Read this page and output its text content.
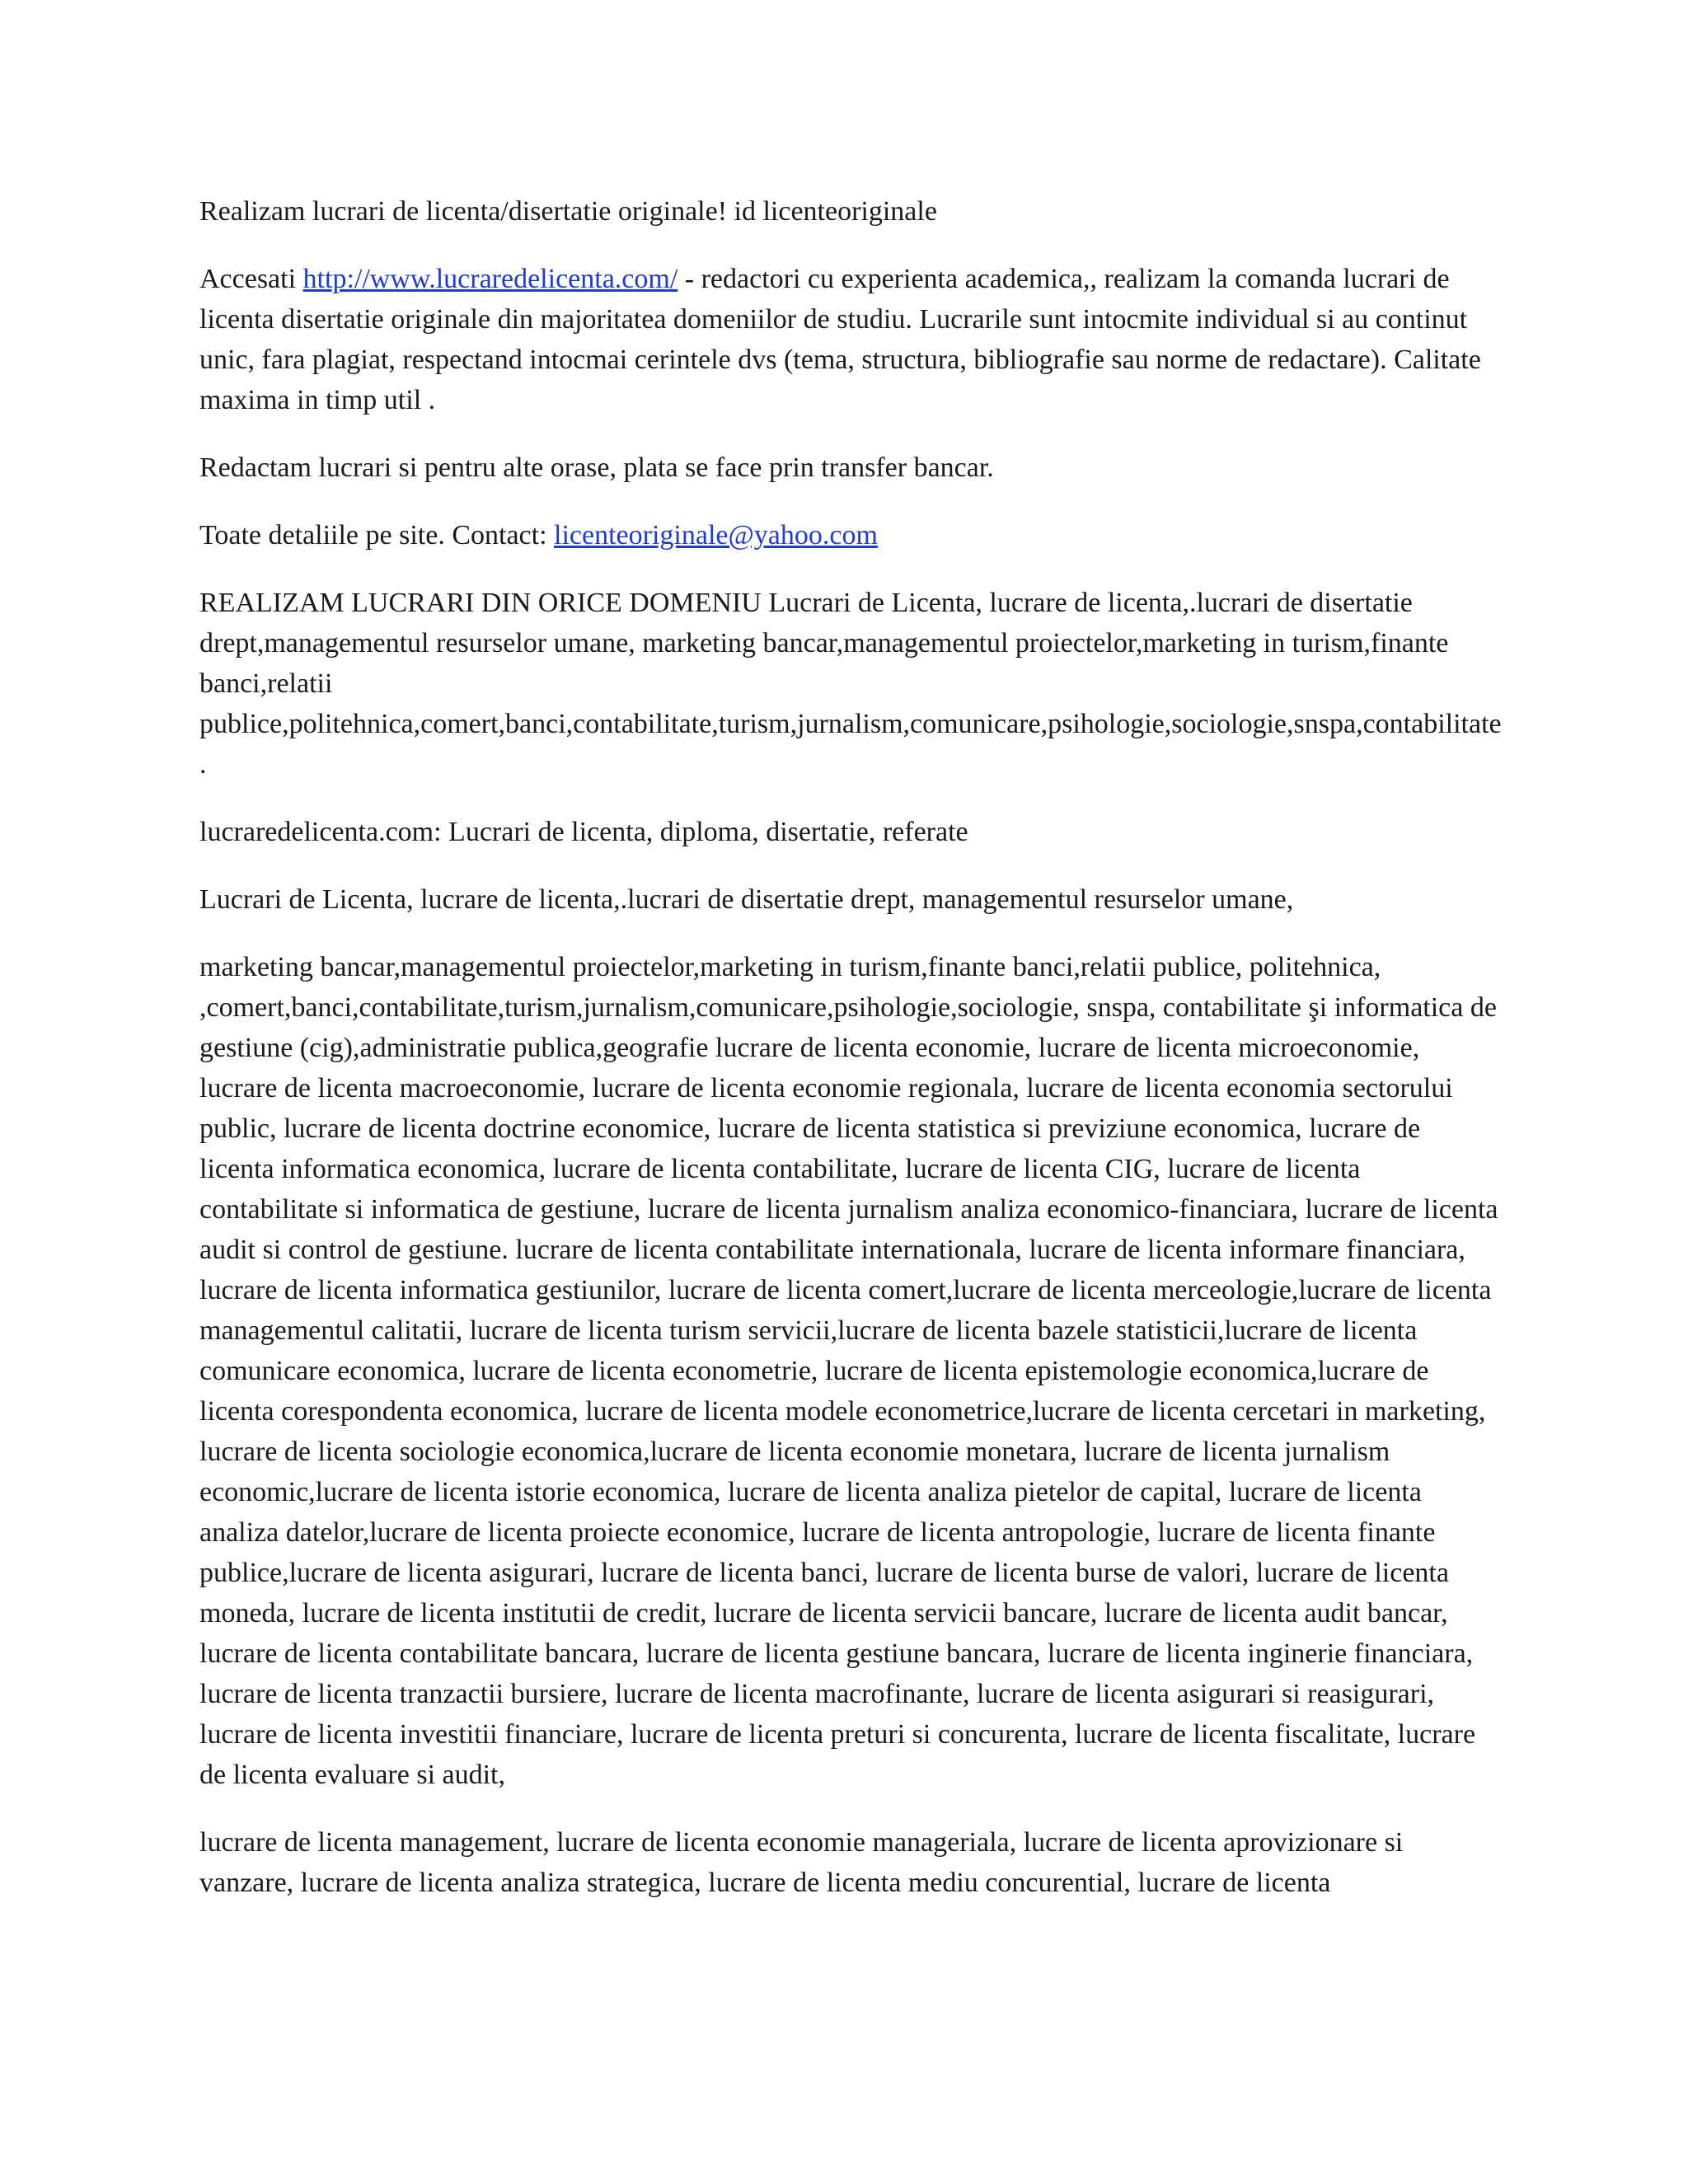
Realizam lucrari de licenta/disertatie originale! id licenteoriginale

Accesati http://www.lucraredelicenta.com/ - redactori cu experienta academica,, realizam la comanda lucrari de licenta disertatie originale din majoritatea domeniilor de studiu. Lucrarile sunt intocmite individual si au continut unic, fara plagiat, respectand intocmai cerintele dvs (tema, structura, bibliografie sau norme de redactare). Calitate maxima in timp util .

Redactam lucrari si pentru alte orase, plata se face prin transfer bancar.

Toate detaliile pe site. Contact: licenteoriginale@yahoo.com

REALIZAM LUCRARI DIN ORICE DOMENIU Lucrari de Licenta, lucrare de licenta,.lucrari de disertatie drept,managementul resurselor umane, marketing bancar,managementul proiectelor,marketing in turism,finante banci,relatii publice,politehnica,comert,banci,contabilitate,turism,jurnalism,comunicare,psihologie,sociologie,snspa,contabilitate .

lucraredelicenta.com: Lucrari de licenta, diploma, disertatie, referate

Lucrari de Licenta, lucrare de licenta,.lucrari de disertatie drept, managementul resurselor umane,

marketing bancar,managementul proiectelor,marketing in turism,finante banci,relatii publice, politehnica, ,comert,banci,contabilitate,turism,jurnalism,comunicare,psihologie,sociologie, snspa, contabilitate şi informatica de gestiune (cig),administratie publica,geografie lucrare de licenta economie, lucrare de licenta microeconomie, lucrare de licenta macroeconomie, lucrare de licenta economie regionala, lucrare de licenta economia sectorului public, lucrare de licenta doctrine economice, lucrare de licenta statistica si previziune economica, lucrare de licenta informatica economica, lucrare de licenta contabilitate, lucrare de licenta CIG, lucrare de licenta contabilitate si informatica de gestiune, lucrare de licenta jurnalism analiza economico-financiara, lucrare de licenta audit si control de gestiune. lucrare de licenta contabilitate internationala, lucrare de licenta informare financiara, lucrare de licenta informatica gestiunilor, lucrare de licenta comert,lucrare de licenta merceologie,lucrare de licenta managementul calitatii, lucrare de licenta turism servicii,lucrare de licenta bazele statisticii,lucrare de licenta comunicare economica, lucrare de licenta econometrie, lucrare de licenta epistemologie economica,lucrare de licenta corespondenta economica, lucrare de licenta modele econometrice,lucrare de licenta cercetari in marketing, lucrare de licenta sociologie economica,lucrare de licenta economie monetara, lucrare de licenta jurnalism economic,lucrare de licenta istorie economica, lucrare de licenta analiza pietelor de capital, lucrare de licenta analiza datelor,lucrare de licenta proiecte economice, lucrare de licenta antropologie, lucrare de licenta finante publice,lucrare de licenta asigurari, lucrare de licenta banci, lucrare de licenta burse de valori, lucrare de licenta moneda, lucrare de licenta institutii de credit, lucrare de licenta servicii bancare, lucrare de licenta audit bancar, lucrare de licenta contabilitate bancara, lucrare de licenta gestiune bancara, lucrare de licenta inginerie financiara, lucrare de licenta tranzactii bursiere, lucrare de licenta macrofinante, lucrare de licenta asigurari si reasigurari, lucrare de licenta investitii financiare, lucrare de licenta preturi si concurenta, lucrare de licenta fiscalitate, lucrare de licenta evaluare si audit,

lucrare de licenta management, lucrare de licenta economie manageriala, lucrare de licenta aprovizionare si vanzare, lucrare de licenta analiza strategica, lucrare de licenta mediu concurential, lucrare de licenta
